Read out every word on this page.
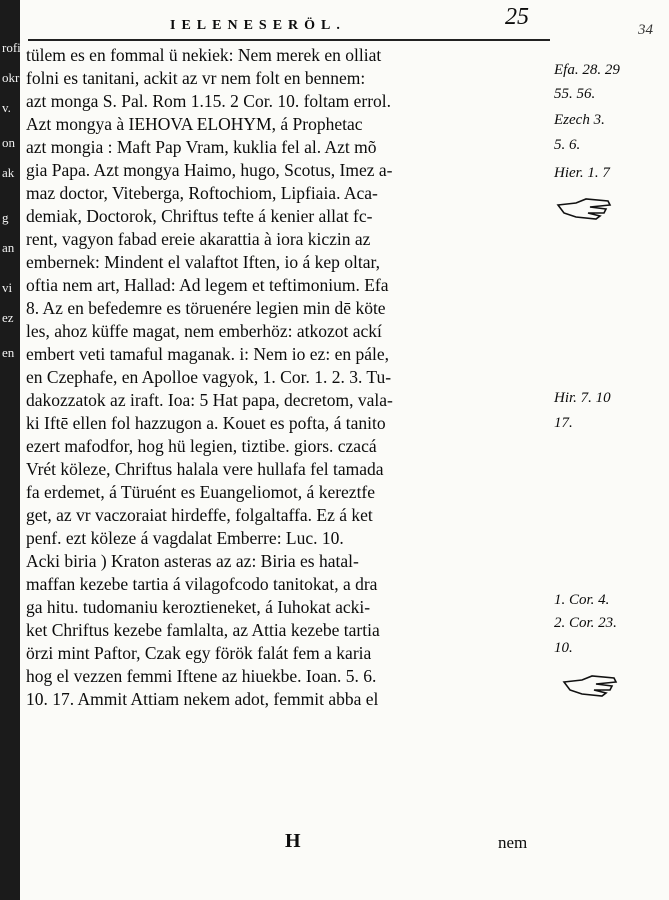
rofi
okr
v.
on
ak
g
an
vi
ez
en
IELENESERÖL.	25	34
tülem es en fommal ü nekiek: Nem merek en olliat
folni es tanitani, ackit az vr nem folt en bennem:
azt monga S. Pal. Rom 1.15. 2 Cor. 10. foltam errol.
Azt mongya à IEHOVA ELOHYM, á Prophetac
azt mongia : Maft Pap Vram, kuklia fel al. Azt mõ
gia Papa. Azt mongya Haimo, hugo, Scotus, Imez a-
maz doctor, Viteberga, Roftochiom, Lipfiaia. Aca-
demiak, Doctorok, Chriftus tefte á kenier allat fc-
rent, vagyon fabad ereie akarattia à iora kiczin az
embernek: Mindent el valaftot Iften, io á kep oltar,
oftia nem art, Hallad: Ad legem et teftimonium. Efa
8. Az en befedemre es töruenére legien min dē köte
les, ahoz küffe magat, nem emberhöz: atkozot ackí
embert veti tamaful maganak. i: Nem io ez: en pále,
en Czephafe, en Apolloe vagyok, 1. Cor. 1. 2. 3. Tu-
dakozzatok az iraft. Ioa: 5 Hat papa, decretom, vala-
ki Iftē ellen fol hazzugon a. Kouet es pofta, á tanito
ezert mafodfor, hog hü legien, tiztibe. giors. czacá
Vrét köleze, Chriftus halala vere hullafa fel tamada
fa erdemet, á Türuént es Euangeliomot, á kereztfe
get, az vr vaczoraiat hirdeffe, folgaltaffa. Ez á ket
penf. ezt köleze á vagdalat Emberre: Luc. 10.
Acki biria ) Kraton asteras az az: Biria es hatal-
maffan kezebe tartia á vilagofcodo tanitokat, a dra
ga hitu. tudomaniu keroztieneket, á Iuhokat acki-
ket Chriftus kezebe famlalta, az Attia kezebe tartia
örzi mint Paftor, Czak egy förök falát fem a karia
hog el vezzen femmi Iftene az hiuekbe. Ioan. 5. 6.
10. 17. Ammit Attiam nekem adot, femmit abba el
Efa. 28. 29
55. 56.
Ezech 3.
5. 6.
Hier. 1. 7
Hir. 7. 10
17.
1. Cor. 4.
2. Cor. 23.
10.
H	nem
